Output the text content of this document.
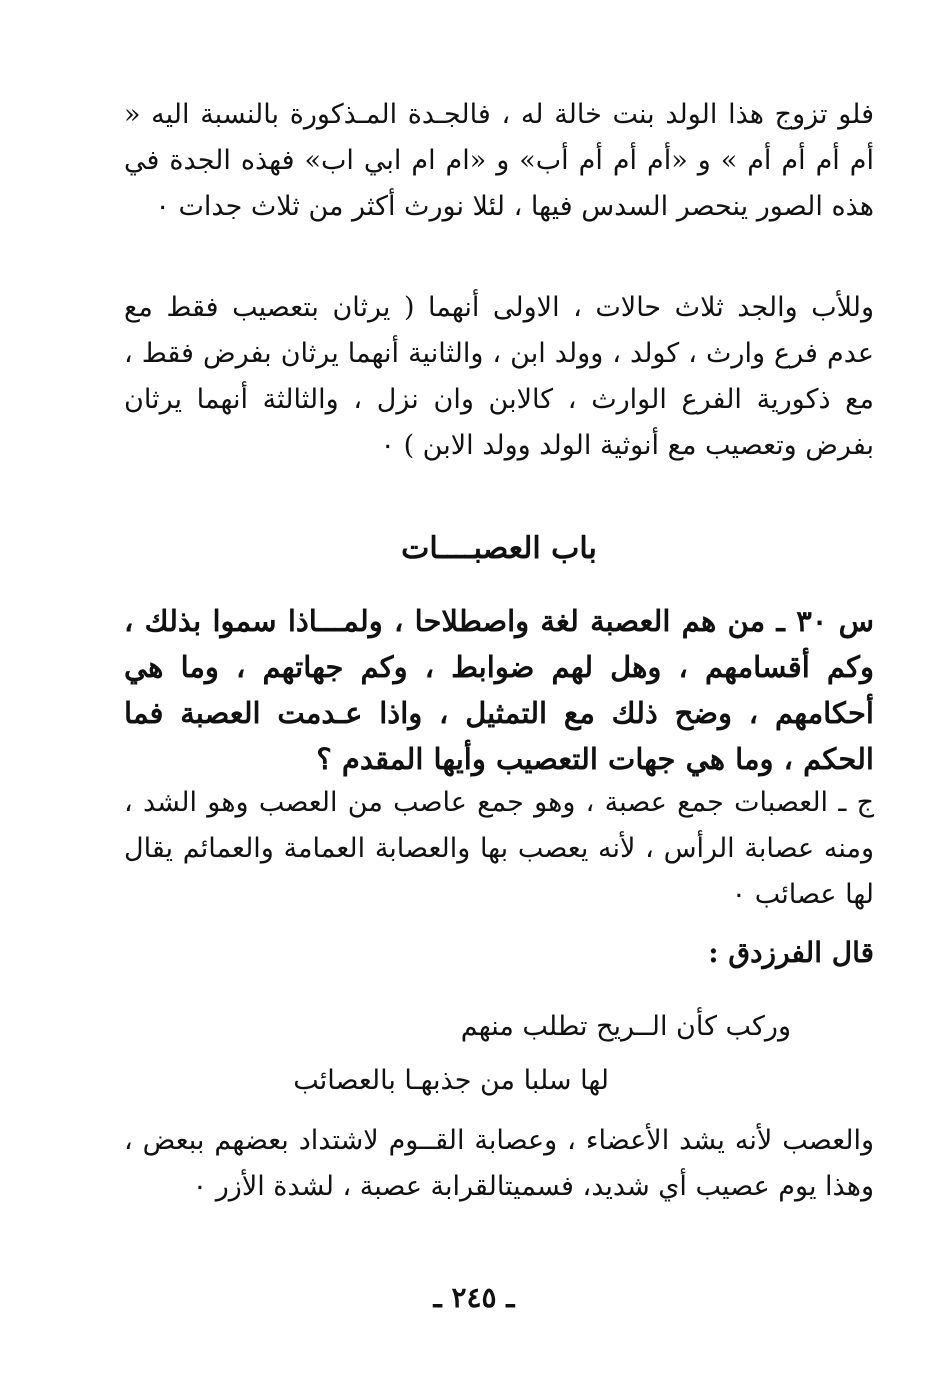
فلو تزوج هذا الولد بنت خالة له ، فالجـدة المـذكورة بالنسبة اليه « أم أم أم أم » و «أم أم أم أب» و «ام ام ابي اب» فهذه الجدة في هذه الصور ينحصر السدس فيها ، لئلا نورث أكثر من ثلاث جدات ٠

وللأب والجد ثلاث حالات ، الاولى أنهما ( يرثان بتعصيب فقط مع عدم فرع وارث ، كولد ، وولد ابن ، والثانية أنهما يرثان بفرض فقط ، مع ذكورية الفرع الوارث ، كالابن وان نزل ، والثالثة أنهما يرثان بفرض وتعصيب مع أنوثية الولد وولد الابن ) ٠

باب العصبــــات

س ٣٠ ـ من هم العصبة لغة واصطلاحا ، ولمـــاذا سموا بذلك ، وكم أقسامهم ، وهل لهم ضوابط ، وكم جهاتهم ، وما هي أحكامهم ، وضح ذلك مع التمثيل ، واذا عـدمت العصبة فما الحكم ، وما هي جهات التعصيب وأيها المقدم ؟

ج ـ العصبات جمع عصبة ، وهو جمع عاصب من العصب وهو الشد ، ومنه عصابة الرأس ، لأنه يعصب بها والعصابة العمامة والعمائم يقال لها عصائب ٠

قال الفرزدق :
وركب كأن الــريح تطلب منهم
لها سلبا من جذبهـا بالعصائب

والعصب لأنه يشد الأعضاء ، وعصابة القــوم لاشتداد بعضهم ببعض ، وهذا يوم عصيب أي شديد، فسميتالقرابة عصبة ، لشدة الأزر ٠

ـ ٢٤٥ ـ
